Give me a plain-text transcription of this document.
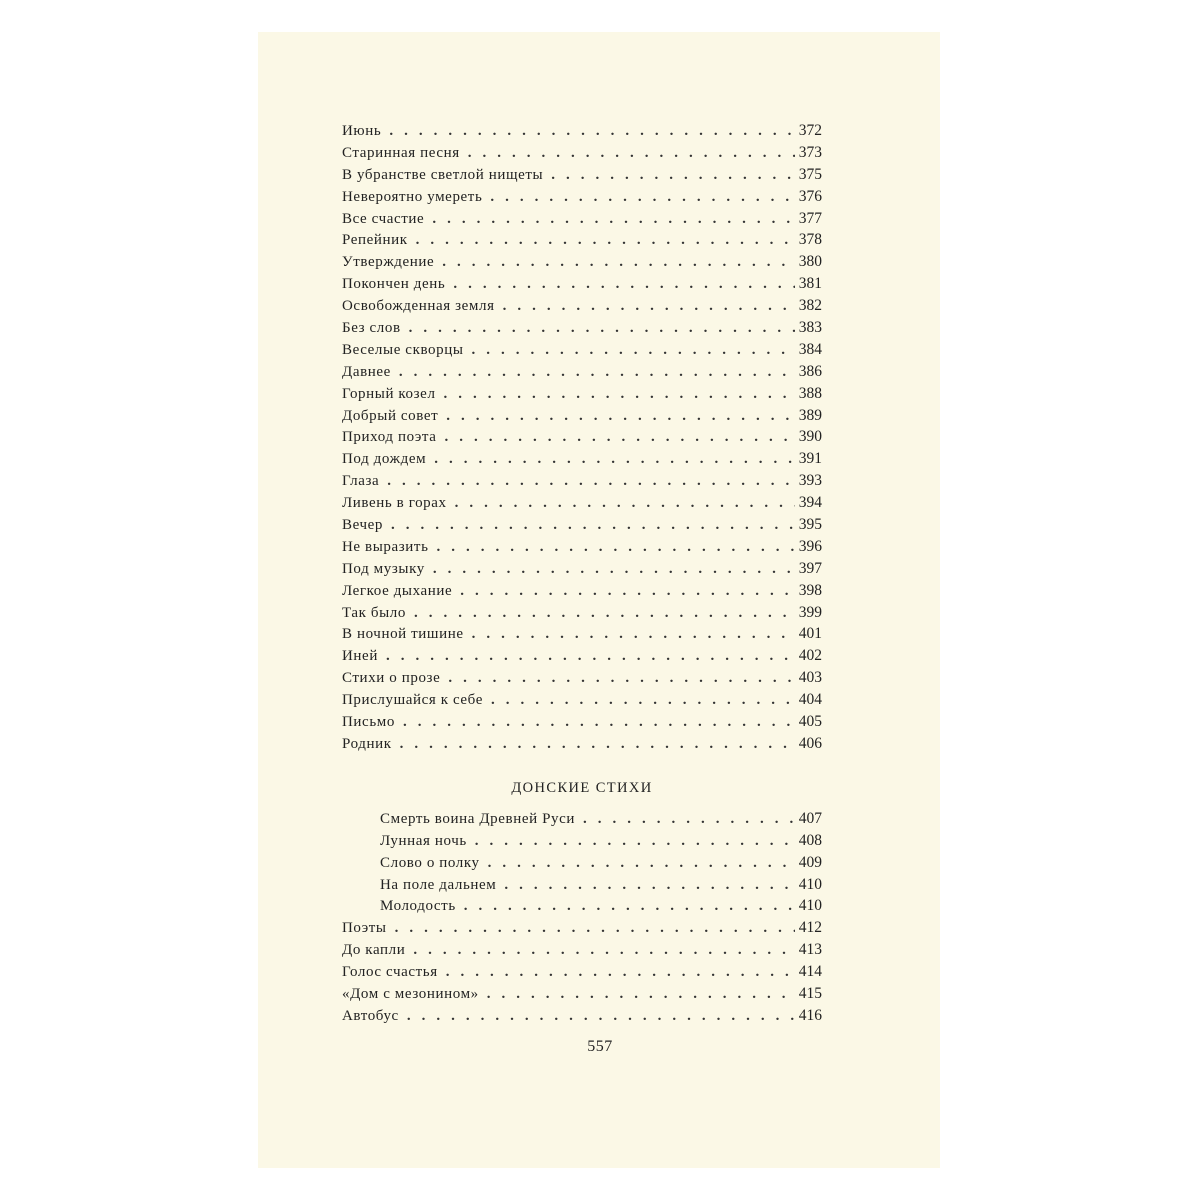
Июнь .....	372
Старинная песня .....	373
В убранстве светлой нищеты .....	375
Невероятно умереть .....	376
Все счастие .....	377
Репейник .....	378
Утверждение .....	380
Покончен день .....	381
Освобожденная земля .....	382
Без слов .....	383
Веселые скворцы .....	384
Давнее .....	386
Горный козел .....	388
Добрый совет .....	389
Приход поэта .....	390
Под дождем .....	391
Глаза .....	393
Ливень в горах .....	394
Вечер .....	395
Не выразить .....	396
Под музыку .....	397
Легкое дыхание .....	398
Так было .....	399
В ночной тишине .....	401
Иней .....	402
Стихи о прозе .....	403
Прислушайся к себе .....	404
Письмо .....	405
Родник .....	406
ДОНСКИЕ СТИХИ
Смерть воина Древней Руси .....	407
Лунная ночь .....	408
Слово о полку .....	409
На поле дальнем .....	410
Молодость .....	410
Поэты .....	412
До капли .....	413
Голос счастья .....	414
«Дом с мезонином» .....	415
Автобус .....	416
557
